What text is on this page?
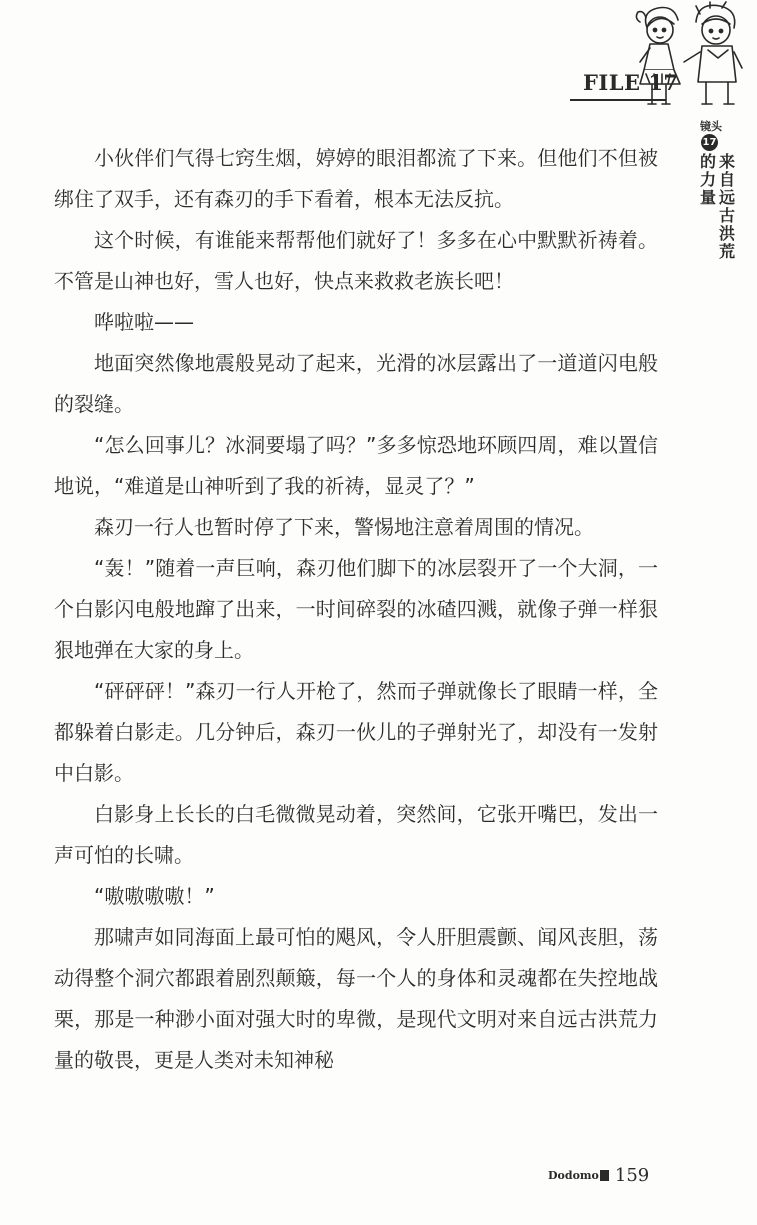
FILE 17
镜头
17
来自远古洪荒
的力量

小伙伴们气得七窍生烟，婷婷的眼泪都流了下来。但他们不但被绑住了双手，还有森刃的手下看着，根本无法反抗。

这个时候，有谁能来帮帮他们就好了！多多在心中默默祈祷着。不管是山神也好，雪人也好，快点来救救老族长吧！

哗啦啦——

地面突然像地震般晃动了起来，光滑的冰层露出了一道道闪电般的裂缝。

“怎么回事儿？冰洞要塌了吗？”多多惊恐地环顾四周，难以置信地说，“难道是山神听到了我的祈祷，显灵了？”

森刃一行人也暂时停了下来，警惕地注意着周围的情况。

“轰！”随着一声巨响，森刃他们脚下的冰层裂开了一个大洞，一个白影闪电般地蹿了出来，一时间碎裂的冰碴四溅，就像子弹一样狠狠地弹在大家的身上。

“砰砰砰！”森刃一行人开枪了，然而子弹就像长了眼睛一样，全都躲着白影走。几分钟后，森刃一伙儿的子弹射光了，却没有一发射中白影。

白影身上长长的白毛微微晃动着，突然间，它张开嘴巴，发出一声可怕的长啸。

“嗷嗷嗷嗷！”

那啸声如同海面上最可怕的飓风，令人肝胆震颤、闻风丧胆，荡动得整个洞穴都跟着剧烈颠簸，每一个人的身体和灵魂都在失控地战栗，那是一种渺小面对强大时的卑微，是现代文明对来自远古洪荒力量的敬畏，更是人类对未知神秘

Dodomo 159
